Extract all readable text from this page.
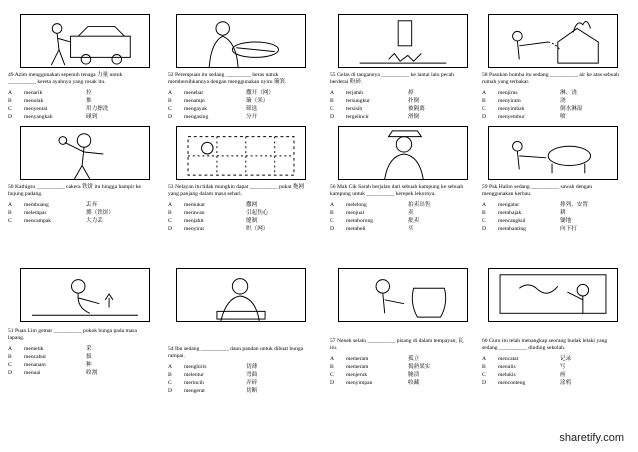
49 Azim menggunakan sepenuh tenaga 力量 untuk __________ kereta ayahnya yang rosak itu.
A	menarik	拉
B	menolak	推
C	menyental	用力擦洗
D	menyangkah	碰到
52 Perempuan itu sedang _________ beras untuk membersihkannya dengan menggunakan nyiru 簸箕.
A	menebar	撒开（网）
B	menampi	簸（米）
C	mengayak	筛选
D	mengasing	分开
55 Gelas di tangannya __________ ke lantai lalu pecah berderai 粉碎.
A	terjatuh	掉
B	tersungkur	扑倒
C	tersisih	被隔离
D	tergelincir	滑倒
58 Pasukan bomba itu sedang __________ air ke atas sebuah rumah yang terbakar.
A	menjirus	淋、浇
B	menyiram	浇
C	menyimbah	倒水淋湿
D	menyembur	喷
50 Kathigsu __________ cakera 铁饼 itu hingga hampir ke hujung padang.
A	membuang	丢弃
B	melempar	掷（铁饼）
C	mencampak	大力丢
53 Nelayan itu tidak mungkin dapat __________ pukat 拖网 yang panjang dalam masa sehari.
A	memukat	撒网
B	merawan	引起伤心
C	menjahit	缝制
D	menyirat	织（网）
56 Mak Cik Sarah berjalan dari sebuah kampung ke sebuah kampung untuk __________ kerepek lekornya.
A	melelong	拍卖出售
B	menjual	卖
C	memborong	批卖
D	membeli	买
59 Pak Halim sedang __________ sawah dengan menggunakan kerbau.
A	mengatur	排列、安置
B	membajak	耕
C	mencangkul	锄地
D	membanting	向下打
51 Puan Lim gemar __________ pokok bunga pada masa lapang.
A	memetik	采
B	mencabut	拔
C	menanam	种
D	menuai	收割
54 Ibu sedang __________ daun pandan untuk dibuat bunga rampai.
A	menghiris	切薄
B	melentur	弯曲
C	merincih	弄碎
D	mengerat	切断
57 Nenek selalu __________ pisang di dalam tempayan, 瓦 itu.
A	memeram	孤立
B	memeram	捣熟果实
C	menjeruk	腌渍
D	menyimpan	收藏
60 Guru itu telah menangkap seorang budak lelaki yang sedang __________ dinding sekolah.
A	mencatat	记录
B	menulis	写
C	melukis	画
D	menconteng	涂鸦
sharetify.com
